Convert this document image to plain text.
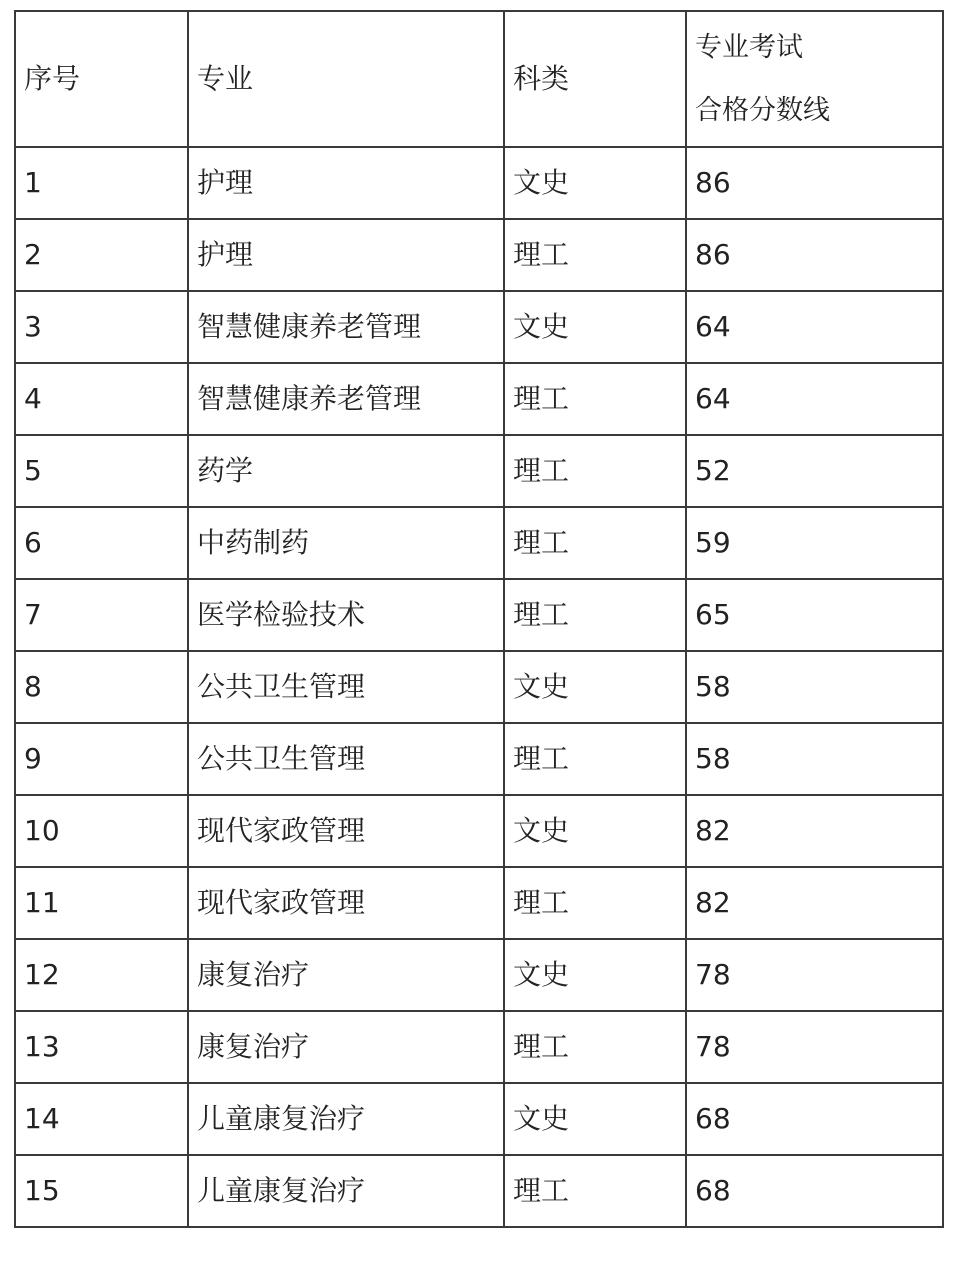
序号	专业	科类	专业考试
合格分数线

1	护理	文史	86
2	护理	理工	86
3	智慧健康养老管理	文史	64
4	智慧健康养老管理	理工	64
5	药学	理工	52
6	中药制药	理工	59
7	医学检验技术	理工	65
8	公共卫生管理	文史	58
9	公共卫生管理	理工	58
10	现代家政管理	文史	82
11	现代家政管理	理工	82
12	康复治疗	文史	78
13	康复治疗	理工	78
14	儿童康复治疗	文史	68
15	儿童康复治疗	理工	68
